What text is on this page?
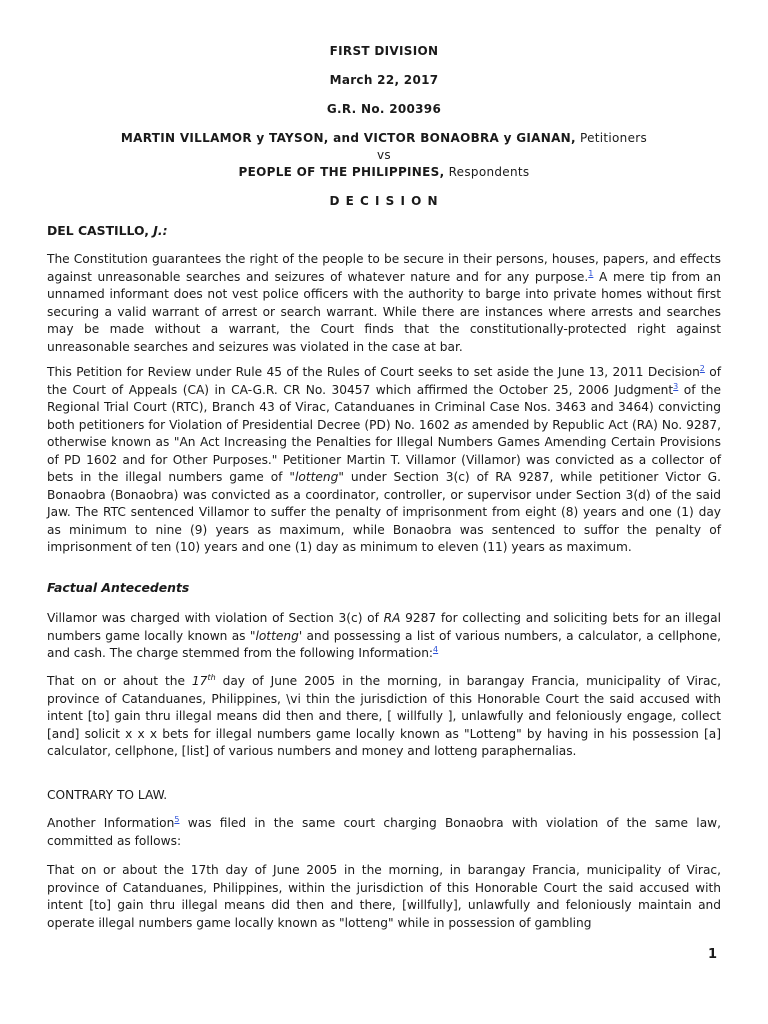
FIRST DIVISION
March 22, 2017
G.R. No. 200396
MARTIN VILLAMOR y TAYSON, and VICTOR BONAOBRA y GIANAN, Petitioners
vs
PEOPLE OF THE PHILIPPINES, Respondents
D E C I S I O N
DEL CASTILLO, J.:
The Constitution guarantees the right of the people to be secure in their persons, houses, papers, and effects against unreasonable searches and seizures of whatever nature and for any purpose.$^1$ A mere tip from an unnamed informant does not vest police officers with the authority to barge into private homes without first securing a valid warrant of arrest or search warrant. While there are instances where arrests and searches may be made without a warrant, the Court finds that the constitutionally-protected right against unreasonable searches and seizures was violated in the case at bar.
This Petition for Review under Rule 45 of the Rules of Court seeks to set aside the June 13, 2011 Decision$^2$ of the Court of Appeals (CA) in CA-G.R. CR No. 30457 which affirmed the October 25, 2006 Judgment$^3$ of the Regional Trial Court (RTC), Branch 43 of Virac, Catanduanes in Criminal Case Nos. 3463 and 3464) convicting both petitioners for Violation of Presidential Decree (PD) No. 1602 as amended by Republic Act (RA) No. 9287, otherwise known as "An Act Increasing the Penalties for Illegal Numbers Games Amending Certain Provisions of PD 1602 and for Other Purposes." Petitioner Martin T. Villamor (Villamor) was convicted as a collector of bets in the illegal numbers game of "lotteng" under Section 3(c) of RA 9287, while petitioner Victor G. Bonaobra (Bonaobra) was convicted as a coordinator, controller, or supervisor under Section 3(d) of the said Jaw. The RTC sentenced Villamor to suffer the penalty of imprisonment from eight (8) years and one (1) day as minimum to nine (9) years as maximum, while Bonaobra was sentenced to suffor the penalty of imprisonment of ten (10) years and one (1) day as minimum to eleven (11) years as maximum.
Factual Antecedents
Villamor was charged with violation of Section 3(c) of RA 9287 for collecting and soliciting bets for an illegal numbers game locally known as "lotteng' and possessing a list of various numbers, a calculator, a cellphone, and cash. The charge stemmed from the following Information:$^4$
That on or ahout the 17th day of June 2005 in the morning, in barangay Francia, municipality of Virac, province of Catanduanes, Philippines, \vi thin the jurisdiction of this Honorable Court the said accused with intent [to] gain thru illegal means did then and there, [ willfully ], unlawfully and feloniously engage, collect [and] solicit x x x bets for illegal numbers game locally known as "Lotteng" by having in his possession [a] calculator, cellphone, [list] of various numbers and money and lotteng paraphernalias.
CONTRARY TO LAW.
Another Information$^5$ was filed in the same court charging Bonaobra with violation of the same law, committed as follows:
That on or about the 17th day of June 2005 in the morning, in barangay Francia, municipality of Virac, province of Catanduanes, Philippines, within the jurisdiction of this Honorable Court the said accused with intent [to] gain thru illegal means did then and there, [willfully], unlawfully and feloniously maintain and operate illegal numbers game locally known as "lotteng" while in possession of gambling
1
